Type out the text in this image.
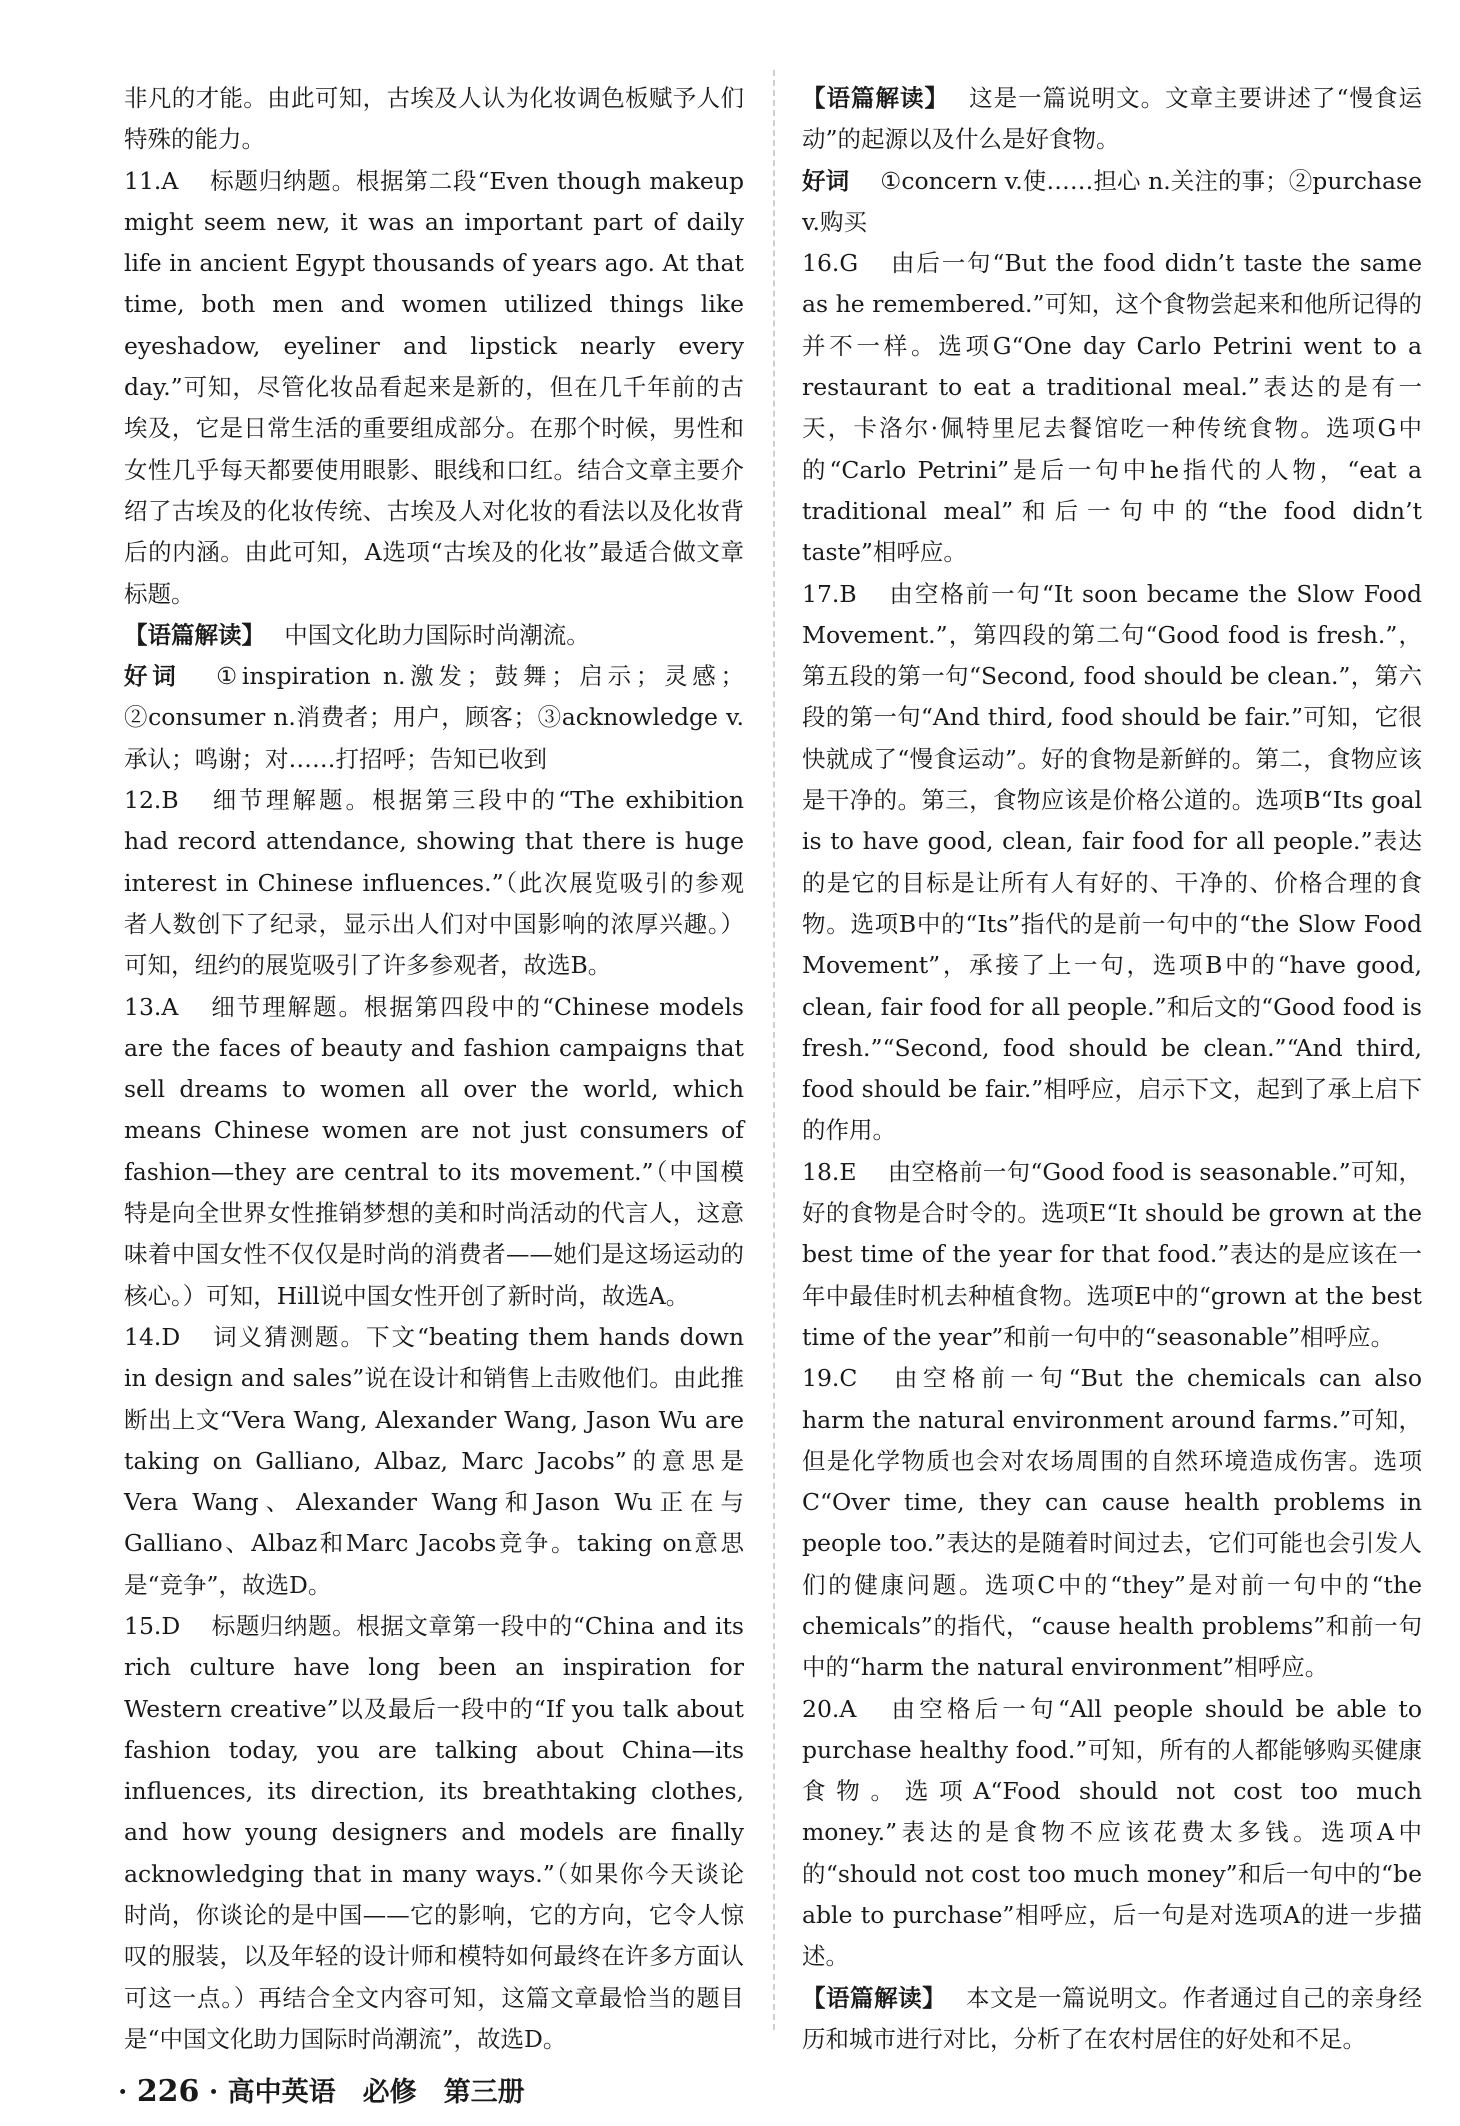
非凡的才能。由此可知，古埃及人认为化妆调色板赋予人们特殊的能力。

11.A  标题归纳题。根据第二段“Even though makeup might seem new, it was an important part of daily life in ancient Egypt thousands of years ago. At that time, both men and women utilized things like eyeshadow, eyeliner and lipstick nearly every day.”可知，尽管化妆品看起来是新的，但在几千年前的古埃及，它是日常生活的重要组成部分。在那个时候，男性和女性几乎每天都要使用眼影、眼线和口红。结合文章主要介绍了古埃及的化妆传统、古埃及人对化妆的看法以及化妆背后的内涵。由此可知，A选项“古埃及的化妆”最适合做文章标题。

【语篇解读】  中国文化助力国际时尚潮流。

好词  ①inspiration n.激发；鼓舞；启示；灵感；②consumer n.消费者；用户，顾客；③acknowledge v.承认；鸣谢；对……打招呼；告知已收到

12.B  细节理解题。根据第三段中的“The exhibition had record attendance, showing that there is huge interest in Chinese influences.”（此次展览吸引的参观者人数创下了纪录，显示出人们对中国影响的浓厚兴趣。）可知，纽约的展览吸引了许多参观者，故选B。

13.A  细节理解题。根据第四段中的“Chinese models are the faces of beauty and fashion campaigns that sell dreams to women all over the world, which means Chinese women are not just consumers of fashion—they are central to its movement.”（中国模特是向全世界女性推销梦想的美和时尚活动的代言人，这意味着中国女性不仅仅是时尚的消费者——她们是这场运动的核心。）可知，Hill说中国女性开创了新时尚，故选A。

14.D  词义猜测题。下文“beating them hands down in design and sales”说在设计和销售上击败他们。由此推断出上文“Vera Wang, Alexander Wang, Jason Wu are taking on Galliano, Albaz, Marc Jacobs”的意思是Vera Wang、Alexander Wang和Jason Wu正在与Galliano、Albaz和Marc Jacobs竞争。taking on意思是“竞争”，故选D。

15.D  标题归纳题。根据文章第一段中的“China and its rich culture have long been an inspiration for Western creative”以及最后一段中的“If you talk about fashion today, you are talking about China—its influences, its direction, its breathtaking clothes, and how young designers and models are finally acknowledging that in many ways.”（如果你今天谈论时尚，你谈论的是中国——它的影响，它的方向，它令人惊叹的服装，以及年轻的设计师和模特如何最终在许多方面认可这一点。）再结合全文内容可知，这篇文章最恰当的题目是“中国文化助力国际时尚潮流”，故选D。

【语篇解读】  这是一篇说明文。文章主要讲述了“慢食运动”的起源以及什么是好食物。

好词  ①concern v.使……担心 n.关注的事；②purchase v.购买

16.G  由后一句“But the food didn’t taste the same as he remembered.”可知，这个食物尝起来和他所记得的并不一样。选项G“One day Carlo Petrini went to a restaurant to eat a traditional meal.”表达的是有一天，卡洛尔·佩特里尼去餐馆吃一种传统食物。选项G中的“Carlo Petrini”是后一句中he指代的人物，“eat a traditional meal”和后一句中的“the food didn’t taste”相呼应。

17.B  由空格前一句“It soon became the Slow Food Movement.”，第四段的第二句“Good food is fresh.”，第五段的第一句“Second, food should be clean.”，第六段的第一句“And third, food should be fair.”可知，它很快就成了“慢食运动”。好的食物是新鲜的。第二，食物应该是干净的。第三，食物应该是价格公道的。选项B“Its goal is to have good, clean, fair food for all people.”表达的是它的目标是让所有人有好的、干净的、价格合理的食物。选项B中的“Its”指代的是前一句中的“the Slow Food Movement”，承接了上一句，选项B中的“have good, clean, fair food for all people.”和后文的“Good food is fresh.”“Second, food should be clean.”“And third, food should be fair.”相呼应，启示下文，起到了承上启下的作用。

18.E  由空格前一句“Good food is seasonable.”可知，好的食物是合时令的。选项E“It should be grown at the best time of the year for that food.”表达的是应该在一年中最佳时机去种植食物。选项E中的“grown at the best time of the year”和前一句中的“seasonable”相呼应。

19.C  由空格前一句“But the chemicals can also harm the natural environment around farms.”可知，但是化学物质也会对农场周围的自然环境造成伤害。选项C“Over time, they can cause health problems in people too.”表达的是随着时间过去，它们可能也会引发人们的健康问题。选项C中的“they”是对前一句中的“the chemicals”的指代，“cause health problems”和前一句中的“harm the natural environment”相呼应。

20.A  由空格后一句“All people should be able to purchase healthy food.”可知，所有的人都能够购买健康食物。选项A“Food should not cost too much money.”表达的是食物不应该花费太多钱。选项A中的“should not cost too much money”和后一句中的“be able to purchase”相呼应，后一句是对选项A的进一步描述。

【语篇解读】  本文是一篇说明文。作者通过自己的亲身经历和城市进行对比，分析了在农村居住的好处和不足。

· 226 · 高中英语　必修　第三册
